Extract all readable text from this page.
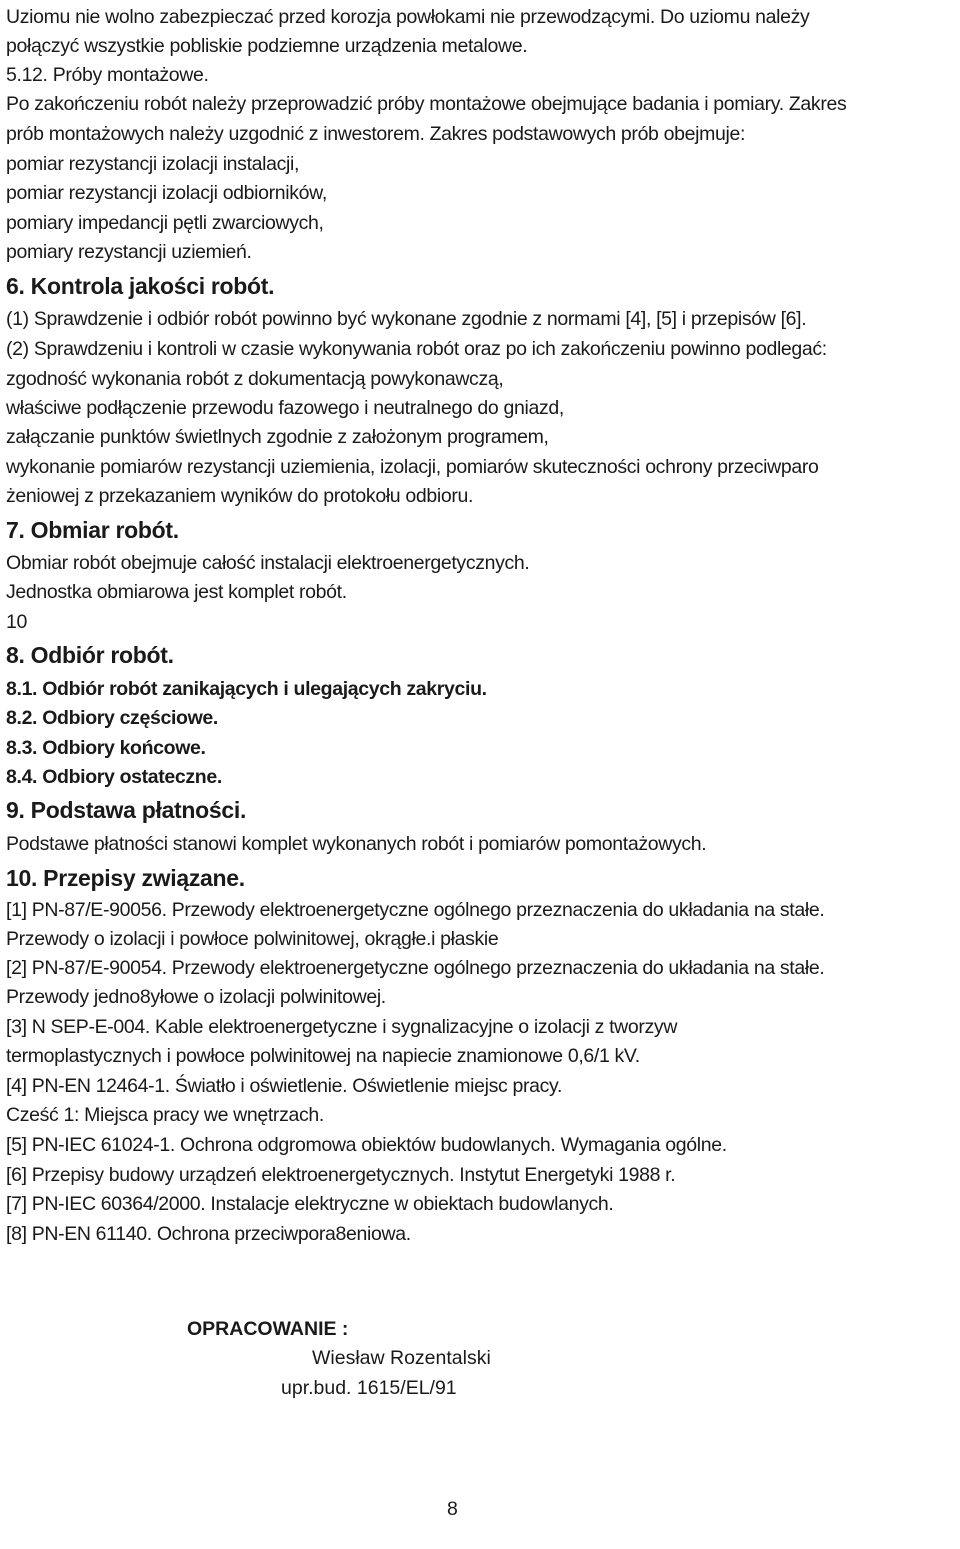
Uziomu nie wolno zabezpieczać przed korozja powłokami nie przewodzącymi. Do uziomu należy
połączyć wszystkie pobliskie podziemne urządzenia metalowe.
5.12. Próby montażowe.
Po zakończeniu robót należy przeprowadzić próby montażowe obejmujące badania i pomiary. Zakres
prób montażowych należy uzgodnić z inwestorem. Zakres podstawowych prób obejmuje:
pomiar rezystancji izolacji instalacji,
pomiar rezystancji izolacji odbiorników,
pomiary impedancji pętli zwarciowych,
pomiary rezystancji uziemień.
6. Kontrola jakości robót.
(1) Sprawdzenie i odbiór robót powinno być wykonane zgodnie z normami [4], [5] i przepisów [6].
(2) Sprawdzeniu i kontroli w czasie wykonywania robót oraz po ich zakończeniu powinno podlegać:
zgodność wykonania robót z dokumentacją powykonawczą,
właściwe podłączenie przewodu fazowego i neutralnego do gniazd,
załączanie punktów świetlnych zgodnie z założonym programem,
wykonanie pomiarów rezystancji uziemienia, izolacji, pomiarów skuteczności ochrony przeciwparo
żeniowej z przekazaniem wyników do protokołu odbioru.
7. Obmiar robót.
Obmiar robót obejmuje całość instalacji elektroenergetycznych.
Jednostka obmiarowa jest komplet robót.
10
8. Odbiór robót.
8.1. Odbiór robót zanikających i ulegających zakryciu.
8.2. Odbiory częściowe.
8.3. Odbiory końcowe.
8.4. Odbiory ostateczne.
9. Podstawa płatności.
Podstawe płatności stanowi komplet wykonanych robót i pomiarów pomontażowych.
10. Przepisy związane.
[1] PN-87/E-90056. Przewody elektroenergetyczne ogólnego przeznaczenia do układania na stałe.
Przewody o izolacji i powłoce polwinitowej, okrągłe.i płaskie
[2] PN-87/E-90054. Przewody elektroenergetyczne ogólnego przeznaczenia do układania na stałe.
Przewody jedno8yłowe o izolacji polwinitowej.
[3] N SEP-E-004. Kable elektroenergetyczne i sygnalizacyjne o izolacji z tworzyw
termoplastycznych i powłoce polwinitowej na napiecie znamionowe 0,6/1 kV.
[4] PN-EN 12464-1. Światło i oświetlenie. Oświetlenie miejsc pracy.
Cześć 1: Miejsca pracy we wnętrzach.
[5] PN-IEC 61024-1. Ochrona odgromowa obiektów budowlanych. Wymagania ogólne.
[6] Przepisy budowy urządzeń elektroenergetycznych. Instytut Energetyki 1988 r.
[7] PN-IEC 60364/2000. Instalacje elektryczne w obiektach budowlanych.
[8] PN-EN 61140. Ochrona przeciwpora8eniowa.
OPRACOWANIE :
Wiesław Rozentalski
upr.bud. 1615/EL/91
8
